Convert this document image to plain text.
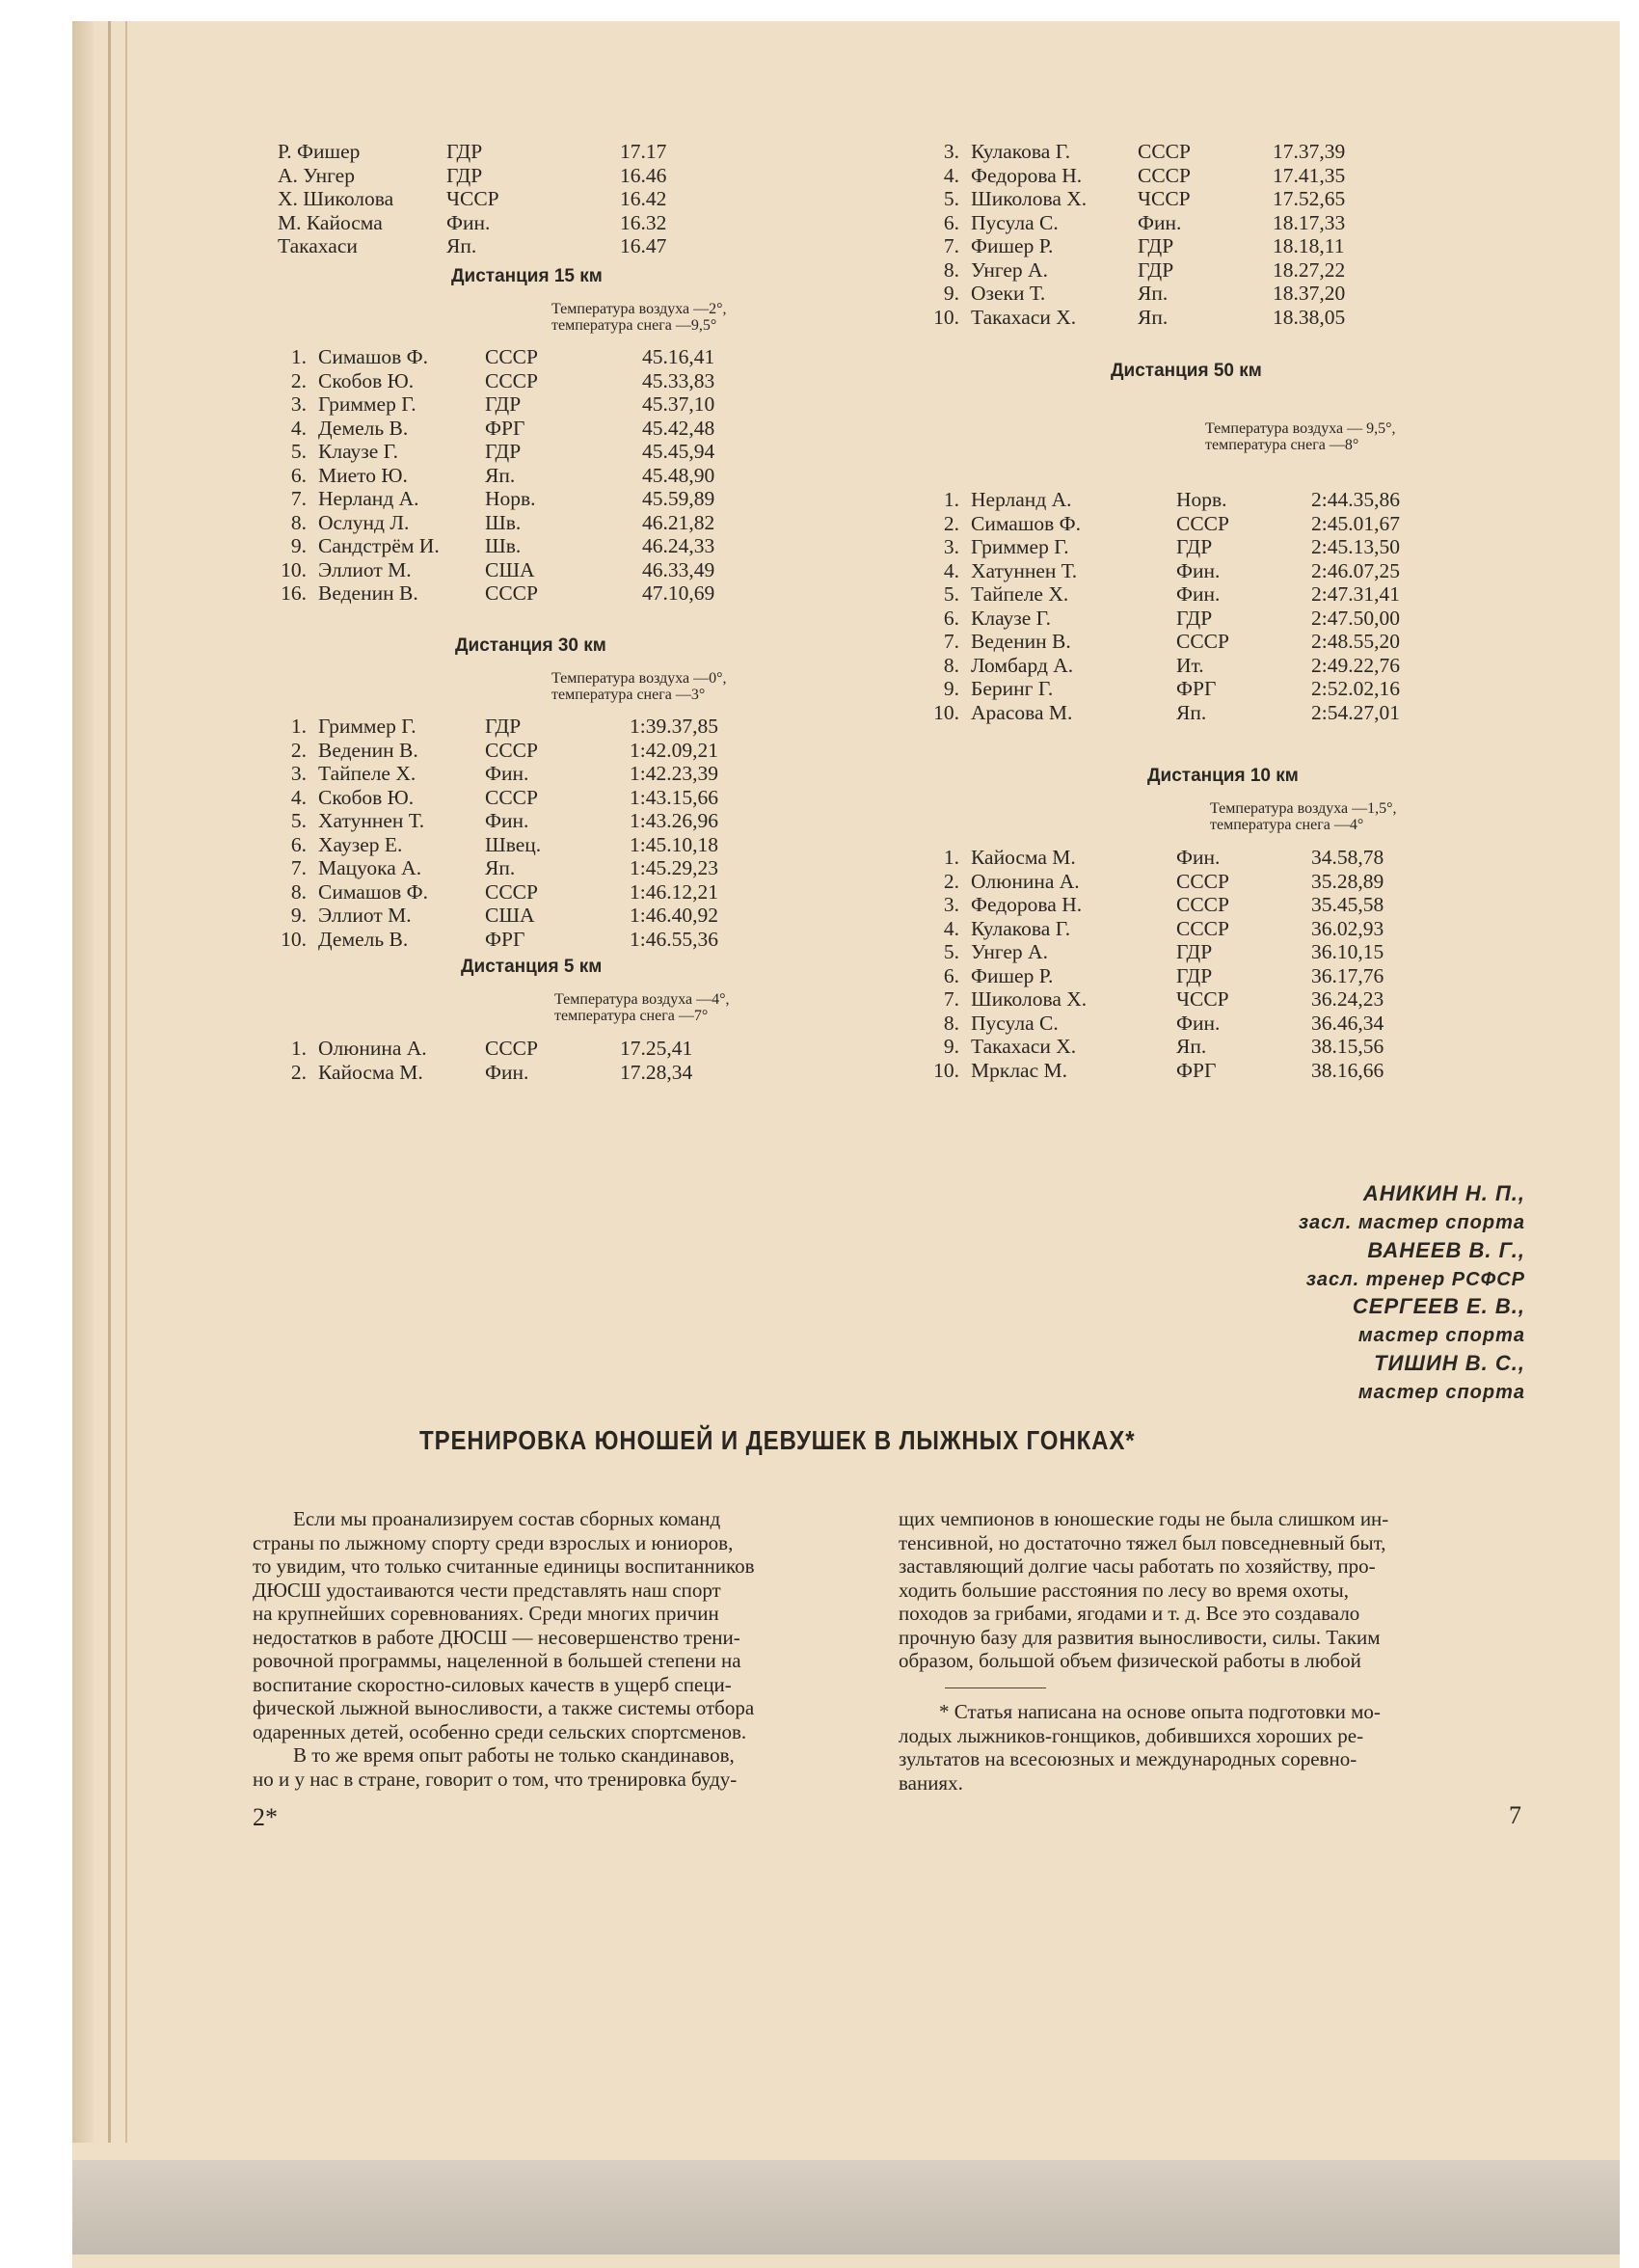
Р. Фишер	ГДР	17.17
А. Унгер	ГДР	16.46
Х. Шиколова	ЧССР	16.42
М. Кайосма	Фин.	16.32
Такахаси	Яп.	16.47
Дистанция 15 км
Температура воздуха —2°,
температура снега —9,5°
1. Симашов Ф.	СССР	45.16,41
2. Скобов Ю.	СССР	45.33,83
3. Гриммер Г.	ГДР	45.37,10
4. Демель В.	ФРГ	45.42,48
5. Клаузе Г.	ГДР	45.45,94
6. Мието Ю.	Яп.	45.48,90
7. Нерланд А.	Норв.	45.59,89
8. Ослунд Л.	Шв.	46.21,82
9. Сандстрём И. Шв.	46.24,33
10. Эллиот М.	США	46.33,49
16. Веденин В.	СССР	47.10,69
Дистанция 30 км
Температура воздуха —0°,
температура снега —3°
1. Гриммер Г.	ГДР	1:39.37,85
2. Веденин В.	СССР	1:42.09,21
3. Тайпеле Х.	Фин.	1:42.23,39
4. Скобов Ю.	СССР	1:43.15,66
5. Хатуннен Т.	Фин.	1:43.26,96
6. Хаузер Е.	Швец.	1:45.10,18
7. Мацуока А.	Яп.	1:45.29,23
8. Симашов Ф.	СССР	1:46.12,21
9. Эллиот М.	США	1:46.40,92
10. Демель В.	ФРГ	1:46.55,36
Дистанция 5 км
Температура воздуха —4°,
температура снега —7°
1. Олюнина А.	СССР	17.25,41
2. Кайосма М.	Фин.	17.28,34
3. Кулакова Г.	СССР	17.37,39
4. Федорова Н.	СССР	17.41,35
5. Шиколова Х. ЧССР	17.52,65
6. Пусула С.	Фин.	18.17,33
7. Фишер Р.	ГДР	18.18,11
8. Унгер А.	ГДР	18.27,22
9. Озеки Т.	Яп.	18.37,20
10. Такахаси Х.	Яп.	18.38,05
Дистанция 50 км
Температура воздуха — 9,5°,
температура снега —8°
1. Нерланд А.	Норв.	2:44.35,86
2. Симашов Ф.	СССР	2:45.01,67
3. Гриммер Г.	ГДР	2:45.13,50
4. Хатуннен Т.	Фин.	2:46.07,25
5. Тайпеле Х.	Фин.	2:47.31,41
6. Клаузе Г.	ГДР	2:47.50,00
7. Веденин В.	СССР	2:48.55,20
8. Ломбард А.	Ит.	2:49.22,76
9. Беринг Г.	ФРГ	2:52.02,16
10. Арасова М.	Яп.	2:54.27,01
Дистанция 10 км
Температура воздуха —1,5°,
температура снега —4°
1. Кайосма М.	Фин.	34.58,78
2. Олюнина А.	СССР	35.28,89
3. Федорова Н.	СССР	35.45,58
4. Кулакова Г.	СССР	36.02,93
5. Унгер А.	ГДР	36.10,15
6. Фишер Р.	ГДР	36.17,76
7. Шиколова Х.	ЧССР	36.24,23
8. Пусула С.	Фин.	36.46,34
9. Такахаси Х.	Яп.	38.15,56
10. Мрклас М.	ФРГ	38.16,66
АНИКИН Н. П.,
засл. мастер спорта
ВАНЕЕВ В. Г.,
засл. тренер РСФСР
СЕРГЕЕВ Е. В.,
мастер спорта
ТИШИН В. С.,
мастер спорта
ТРЕНИРОВКА ЮНОШЕЙ И ДЕВУШЕК В ЛЫЖНЫХ ГОНКАХ*
Если мы проанализируем состав сборных команд
страны по лыжному спорту среди взрослых и юниоров,
то увидим, что только считанные единицы воспитанников
ДЮСШ удостаиваются чести представлять наш спорт
на крупнейших соревнованиях. Среди многих причин
недостатков в работе ДЮСШ — несовершенство трени-
ровочной программы, нацеленной в большей степени на
воспитание скоростно-силовых качеств в ущерб специ-
фической лыжной выносливости, а также системы отбора
одаренных детей, особенно среди сельских спортсменов.
В то же время опыт работы не только скандинавов,
но и у нас в стране, говорит о том, что тренировка буду-
щих чемпионов в юношеские годы не была слишком ин-
тенсивной, но достаточно тяжел был повседневный быт,
заставляющий долгие часы работать по хозяйству, про-
ходить большие расстояния по лесу во время охоты,
походов за грибами, ягодами и т. д. Все это создавало
прочную базу для развития выносливости, силы. Таким
образом, большой объем физической работы в любой
* Статья написана на основе опыта подготовки мо-
лодых лыжников-гонщиков, добившихся хороших ре-
зультатов на всесоюзных и международных соревно-
ваниях.
2*	7
